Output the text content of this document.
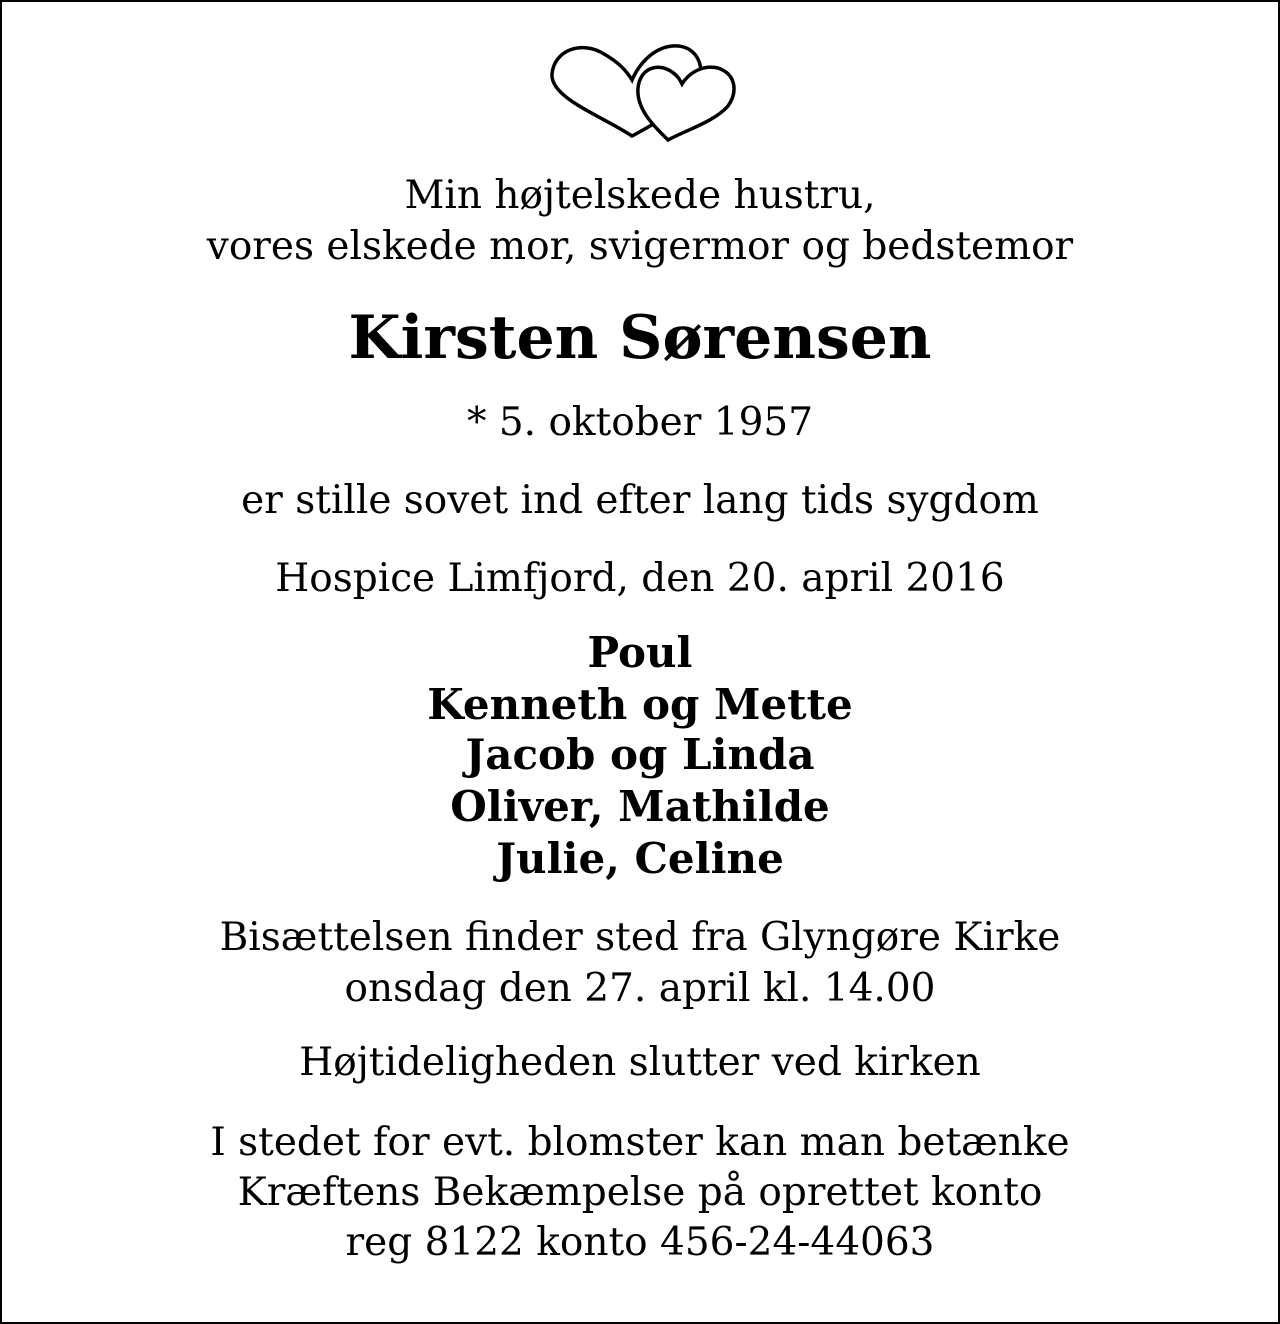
Min højtelskede hustru,
vores elskede mor, svigermor og bedstemor
Kirsten Sørensen
* 5. oktober 1957
er stille sovet ind efter lang tids sygdom
Hospice Limfjord, den 20. april 2016
Poul
Kenneth og Mette
Jacob og Linda
Oliver, Mathilde
Julie, Celine
Bisættelsen finder sted fra Glyngøre Kirke
onsdag den 27. april kl. 14.00
Højtideligheden slutter ved kirken
I stedet for evt. blomster kan man betænke
Kræftens Bekæmpelse på oprettet konto
reg 8122 konto 456-24-44063
